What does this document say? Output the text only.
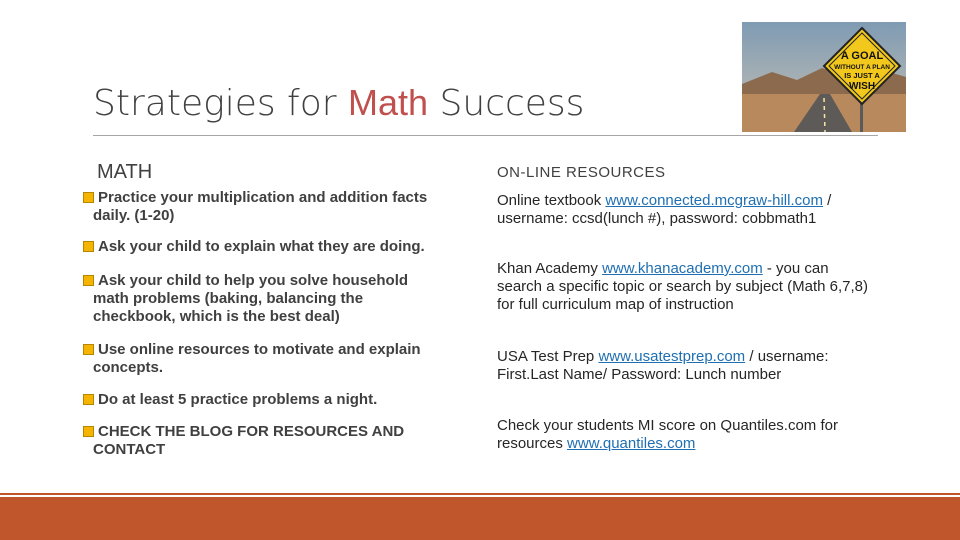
Strategies for Math Success
A GOAL
WITHOUT A PLAN
IS JUST A
WISH
MATH
Practice your multiplication and addition facts
daily. (1-20)
Ask your child to explain what they are doing.
Ask your child to help you solve household
math problems (baking, balancing the checkbook, which is the best deal)
Use online resources to motivate and explain
concepts.
Do at least 5 practice problems a night.
CHECK THE BLOG FOR RESOURCES AND
CONTACT
ON-LINE RESOURCES
Online textbook www.connected.mcgraw-hill.com / username: ccsd(lunch #), password: cobbmath1
Khan Academy www.khanacademy.com - you can search a specific topic or search by subject (Math 6,7,8) for full curriculum map of instruction
USA Test Prep www.usatestprep.com / username: First.Last Name/ Password: Lunch number
Check your students MI score on Quantiles.com for resources www.quantiles.com
